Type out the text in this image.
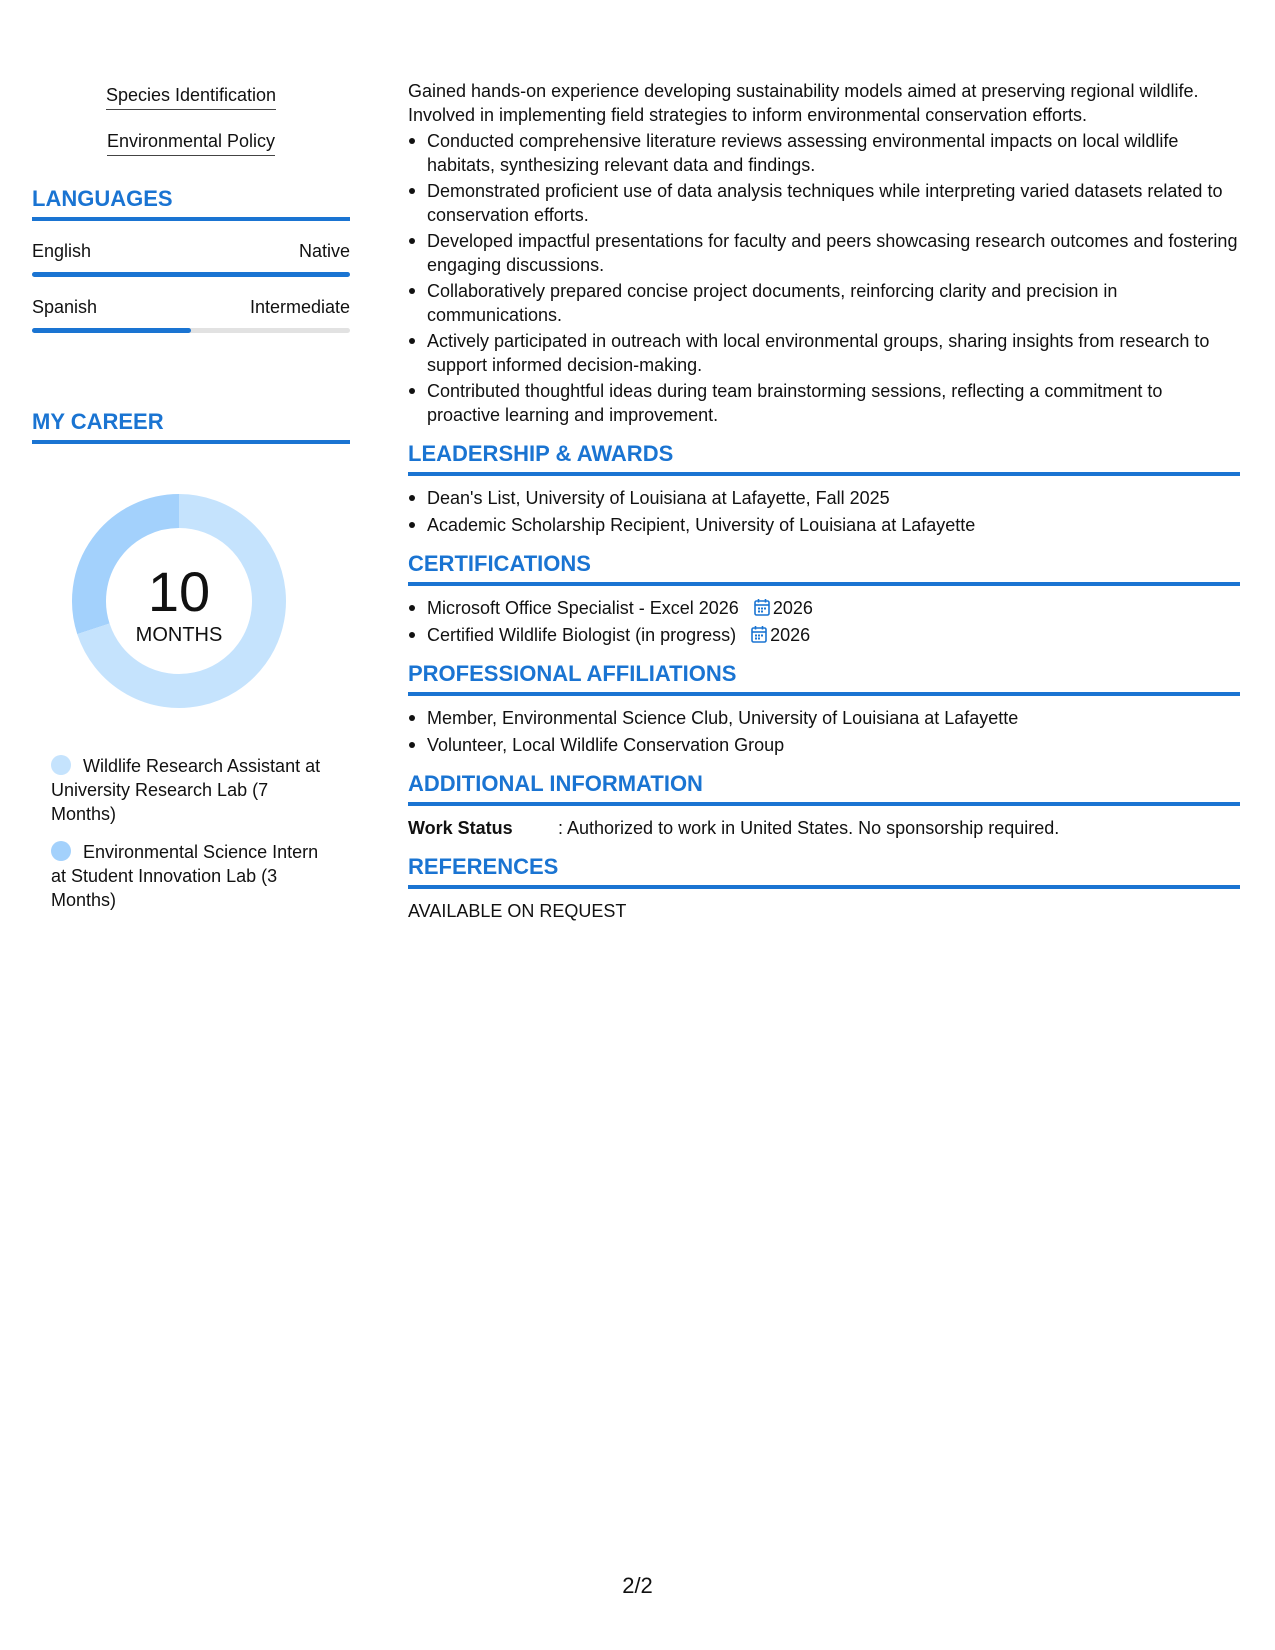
Species Identification
Environmental Policy
LANGUAGES
English	Native
Spanish	Intermediate
MY CAREER
10
MONTHS
Wildlife Research Assistant at University Research Lab (7 Months)
Environmental Science Intern at Student Innovation Lab (3 Months)
Gained hands-on experience developing sustainability models aimed at preserving regional wildlife. Involved in implementing field strategies to inform environmental conservation efforts.
Conducted comprehensive literature reviews assessing environmental impacts on local wildlife habitats, synthesizing relevant data and findings.
Demonstrated proficient use of data analysis techniques while interpreting varied datasets related to conservation efforts.
Developed impactful presentations for faculty and peers showcasing research outcomes and fostering engaging discussions.
Collaboratively prepared concise project documents, reinforcing clarity and precision in communications.
Actively participated in outreach with local environmental groups, sharing insights from research to support informed decision-making.
Contributed thoughtful ideas during team brainstorming sessions, reflecting a commitment to proactive learning and improvement.
LEADERSHIP & AWARDS
Dean's List, University of Louisiana at Lafayette, Fall 2025
Academic Scholarship Recipient, University of Louisiana at Lafayette
CERTIFICATIONS
Microsoft Office Specialist - Excel 2026 2026
Certified Wildlife Biologist (in progress) 2026
PROFESSIONAL AFFILIATIONS
Member, Environmental Science Club, University of Louisiana at Lafayette
Volunteer, Local Wildlife Conservation Group
ADDITIONAL INFORMATION
Work Status	: Authorized to work in United States. No sponsorship required.
REFERENCES
AVAILABLE ON REQUEST
2/2
